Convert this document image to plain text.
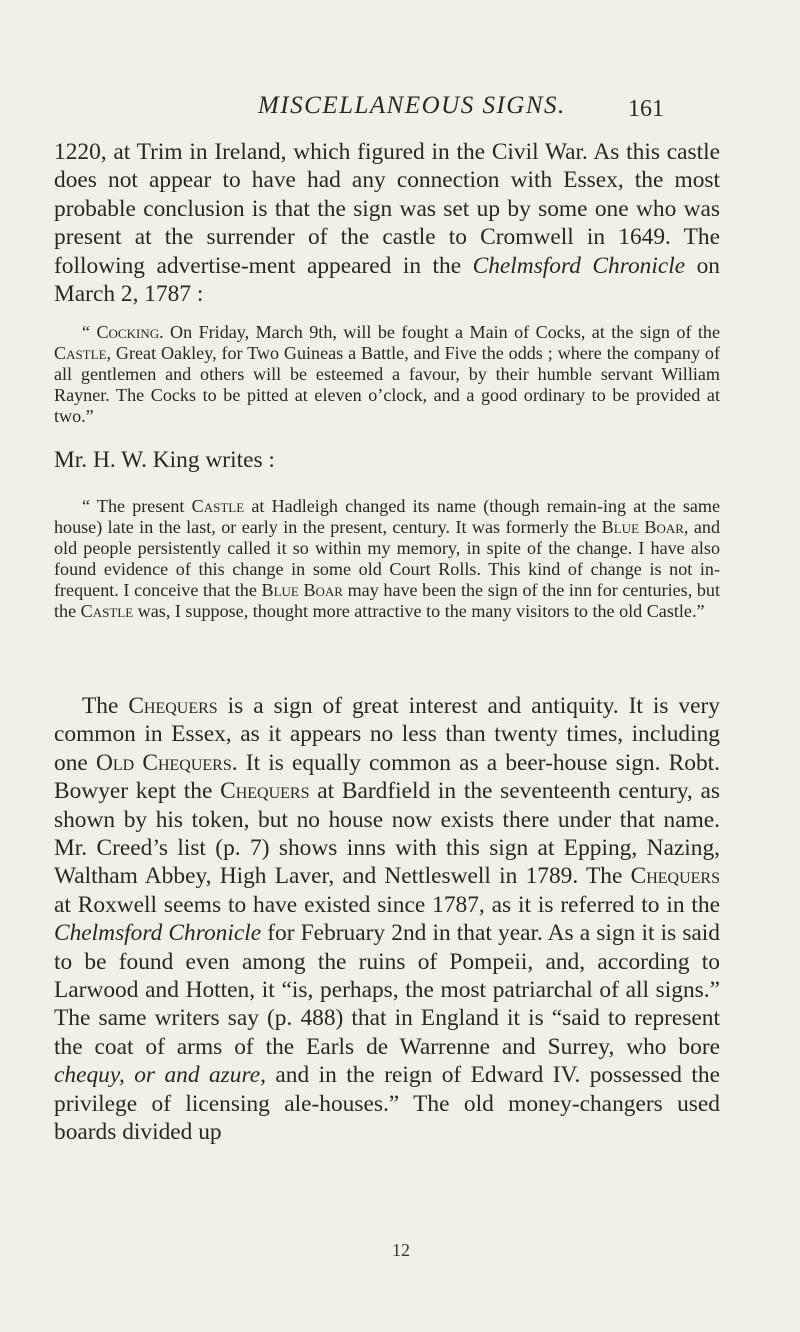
MISCELLANEOUS SIGNS.	161

1220, at Trim in Ireland, which figured in the Civil War. As this castle does not appear to have had any connection with Essex, the most probable conclusion is that the sign was set up by some one who was present at the surrender of the castle to Cromwell in 1649. The following advertise-ment appeared in the Chelmsford Chronicle on March 2, 1787 :

“ Cocking. On Friday, March 9th, will be fought a Main of Cocks, at the sign of the Castle, Great Oakley, for Two Guineas a Battle, and Five the odds ; where the company of all gentlemen and others will be esteemed a favour, by their humble servant William Rayner. The Cocks to be pitted at eleven o’clock, and a good ordinary to be provided at two.”

Mr. H. W. King writes :

“ The present Castle at Hadleigh changed its name (though remain-ing at the same house) late in the last, or early in the present, century. It was formerly the Blue Boar, and old people persistently called it so within my memory, in spite of the change. I have also found evidence of this change in some old Court Rolls. This kind of change is not in-frequent. I conceive that the Blue Boar may have been the sign of the inn for centuries, but the Castle was, I suppose, thought more attractive to the many visitors to the old Castle.”

The Chequers is a sign of great interest and antiquity. It is very common in Essex, as it appears no less than twenty times, including one Old Chequers. It is equally common as a beer-house sign. Robt. Bowyer kept the Chequers at Bardfield in the seventeenth century, as shown by his token, but no house now exists there under that name. Mr. Creed’s list (p. 7) shows inns with this sign at Epping, Nazing, Waltham Abbey, High Laver, and Nettleswell in 1789. The Chequers at Roxwell seems to have existed since 1787, as it is referred to in the Chelmsford Chronicle for February 2nd in that year. As a sign it is said to be found even among the ruins of Pompeii, and, according to Larwood and Hotten, it “is, perhaps, the most patriarchal of all signs.” The same writers say (p. 488) that in England it is “said to represent the coat of arms of the Earls de Warrenne and Surrey, who bore chequy, or and azure, and in the reign of Edward IV. possessed the privilege of licensing ale-houses.” The old money-changers used boards divided up

12
